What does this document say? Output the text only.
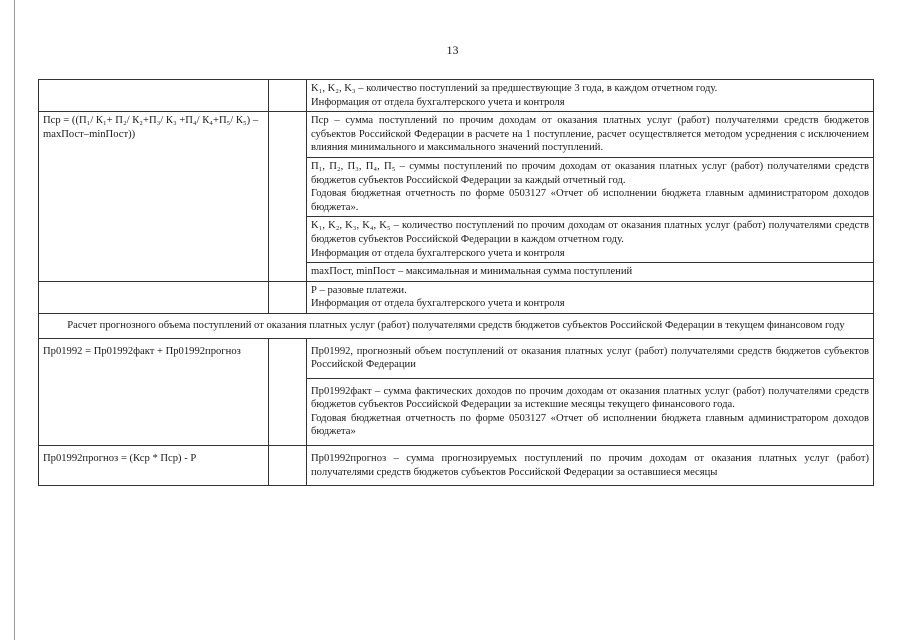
13

		K₁, K₂, K₃ – количество поступлений за предшествующие 3 года, в каждом отчетном году.

Информация от отдела бухгалтерского учета и контроля

Пср = ((П₁/ К₁+ П₂/ К₂+П₃/ К₃ +П₄/ К₄+П₅/ К₅) – maxПост–minПост))		Пср – сумма поступлений по прочим доходам от оказания платных услуг (работ) получателями средств бюджетов субъектов Российской Федерации в расчете на 1 поступление, расчет осуществляется методом усреднения с исключением влияния минимального и максимального значений поступлений.

		П₁, П₂, П₃, П₄, П₅ – суммы поступлений по прочим доходам от оказания платных услуг (работ) получателями средств бюджетов субъектов Российской Федерации за каждый отчетный год.

Годовая бюджетная отчетность по форме 0503127 «Отчет об исполнении бюджета главным администратором доходов бюджета».

		K₁, K₂, K₃, K₄, K₅ – количество поступлений по прочим доходам от оказания платных услуг (работ) получателями средств бюджетов субъектов Российской Федерации в каждом отчетном году.

Информация от отдела бухгалтерского учета и контроля

		maxПост, minПост – максимальная и минимальная сумма поступлений

		Р – разовые платежи.

Информация от отдела бухгалтерского учета и контроля

Расчет прогнозного объема поступлений от оказания платных услуг (работ) получателями средств бюджетов субъектов Российской Федерации в текущем финансовом году		

Пр01992 = Пр01992факт + Пр01992прогноз		Пр01992, прогнозный объем поступлений от оказания платных услуг (работ) получателями средств бюджетов субъектов Российской Федерации

		Пр01992факт – сумма фактических доходов по прочим доходам от оказания платных услуг (работ) получателями средств бюджетов субъектов Российской Федерации за истекшие месяцы текущего финансового года.

Годовая бюджетная отчетность по форме 0503127 «Отчет об исполнении бюджета главным администратором доходов бюджета»

Пр01992прогноз = (Кср * Пср) - Р		Пр01992прогноз – сумма прогнозируемых поступлений по прочим доходам от оказания платных услуг (работ) получателями средств бюджетов субъектов Российской Федерации за оставшиеся месяцы
